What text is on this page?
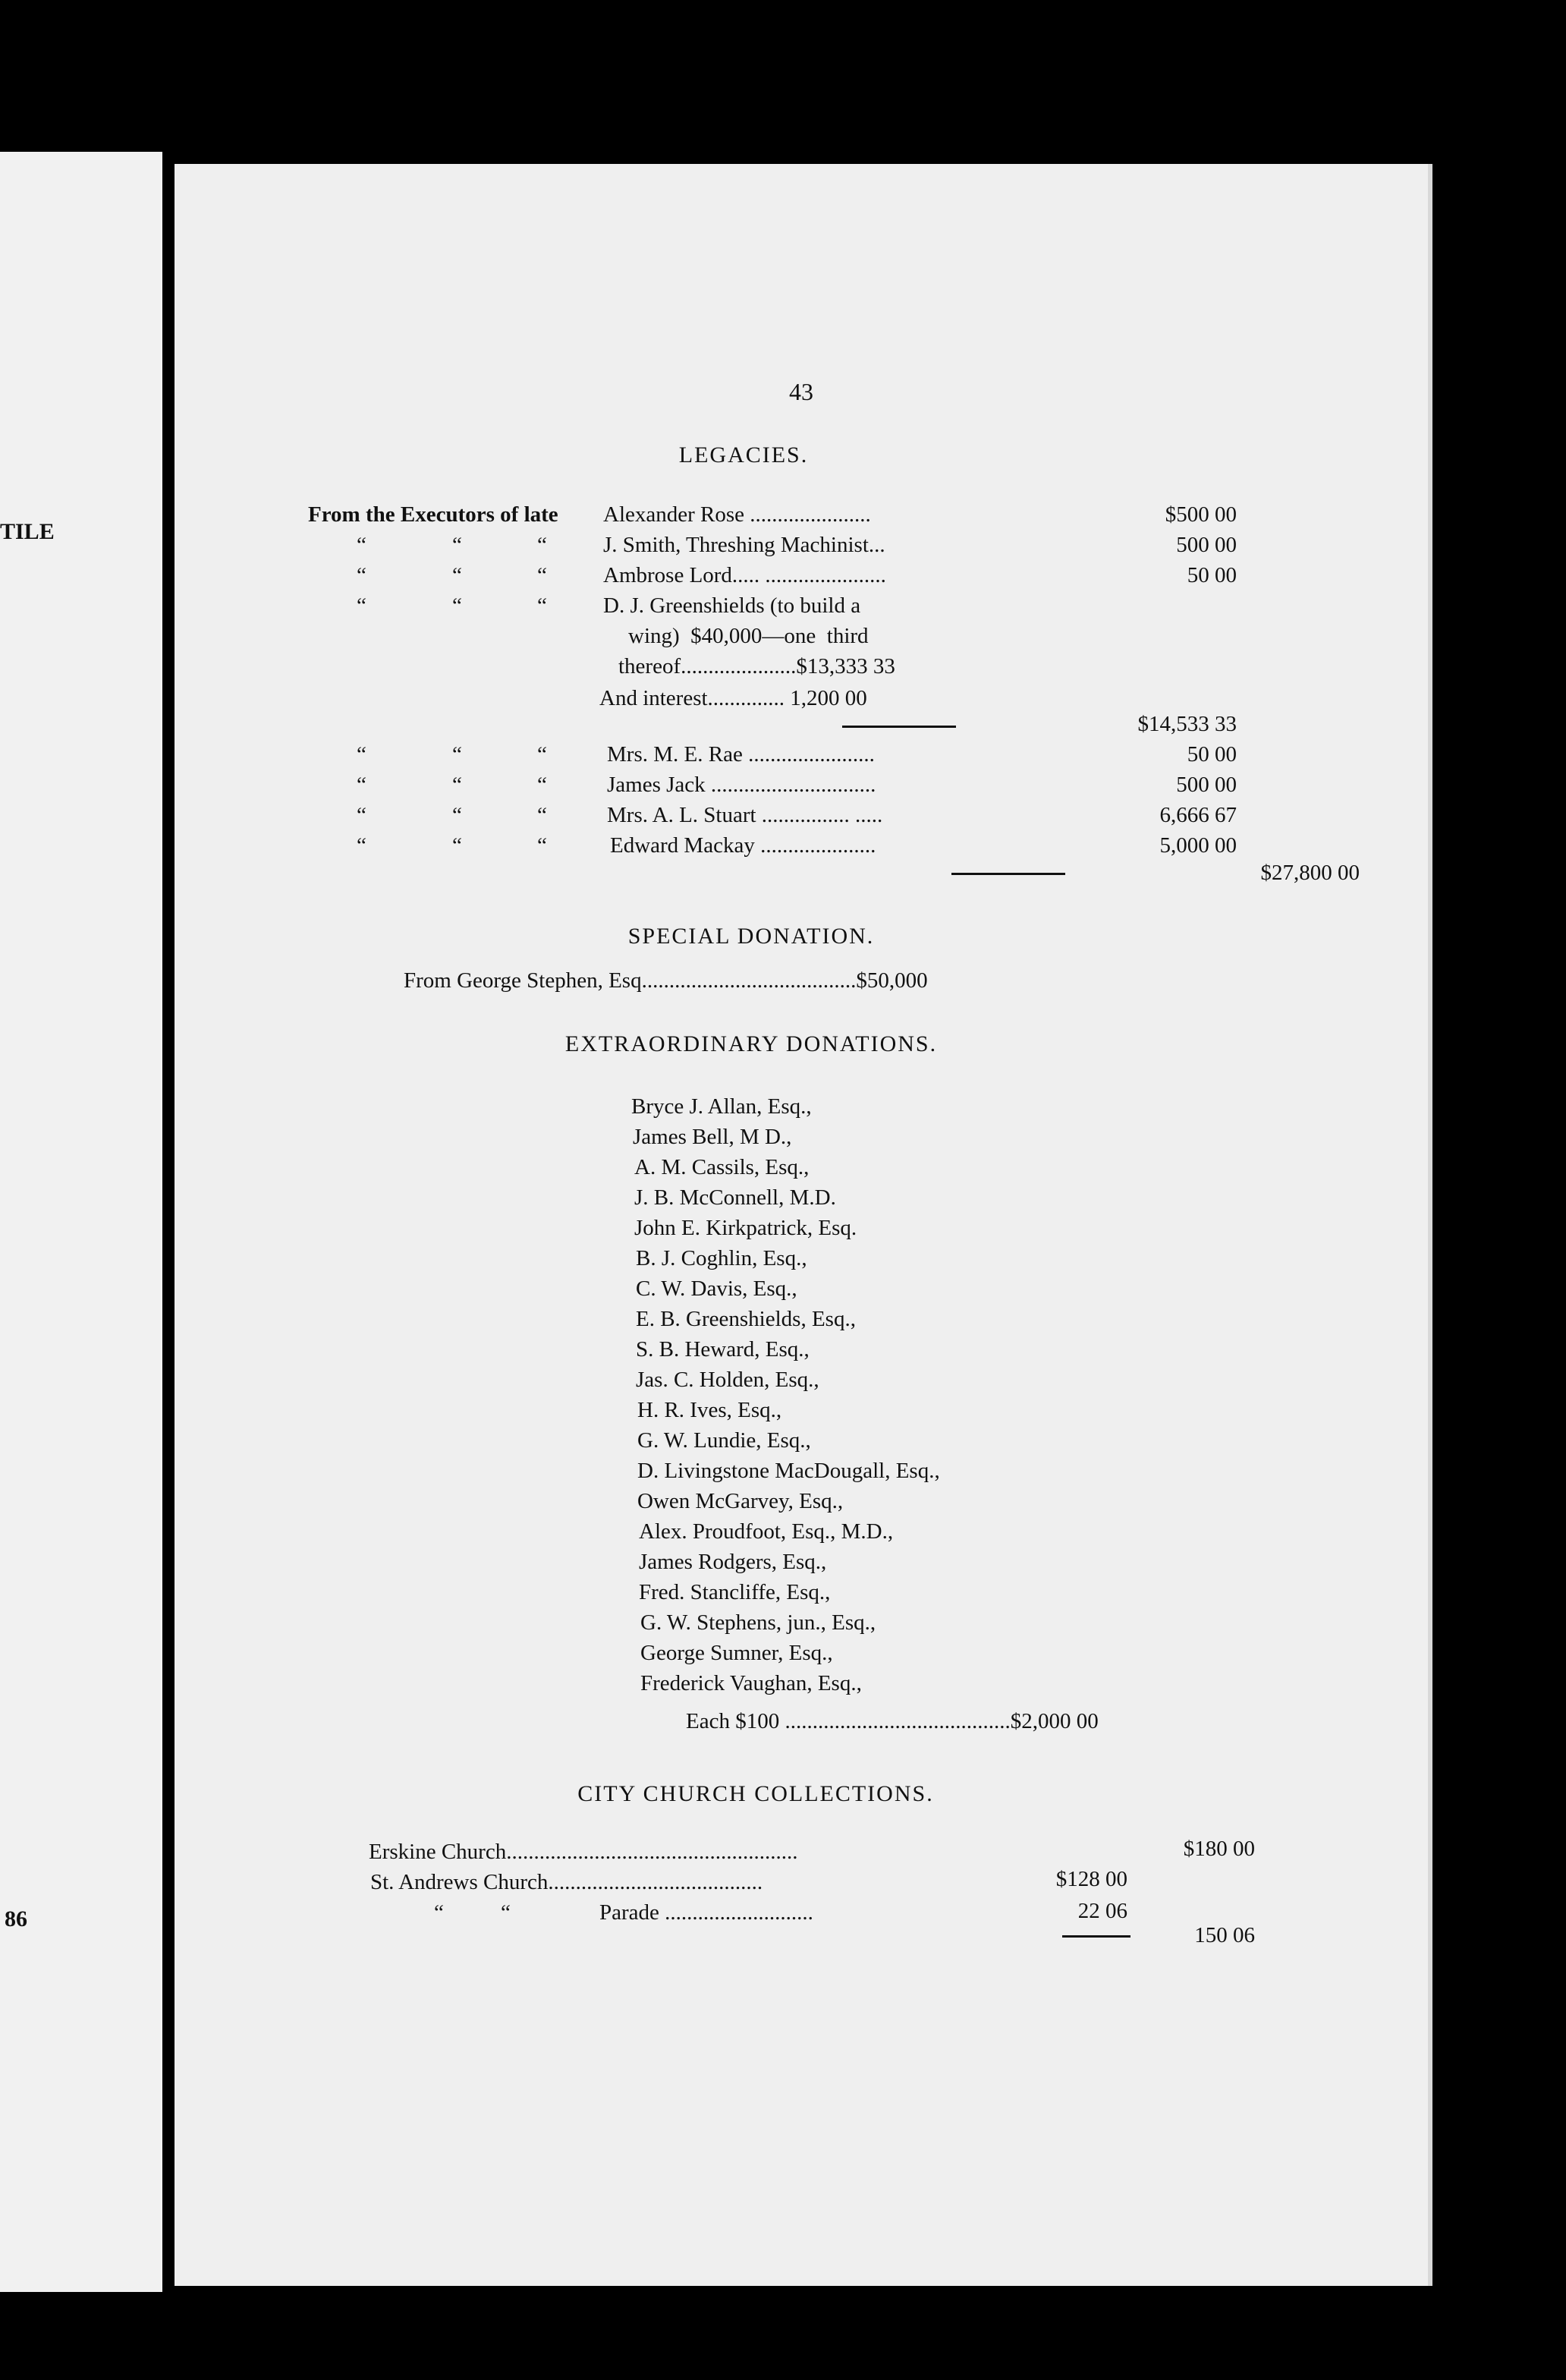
TILE
86
43
LEGACIES.
From the Executors of late Alexander Rose ......................	$500 00
“	“	“	J. Smith, Threshing Machinist...	500 00
“	“	“	Ambrose Lord..... ......................	50 00
“	“	“	D. J. Greenshields (to build a
wing)  $40,000—one  third
thereof.....................$13,333 33
And interest.............. 1,200 00
$14,533 33
“	“	“	Mrs. M. E. Rae .......................	50 00
“	“	“	James Jack ..............................	500 00
“	“	“	Mrs. A. L. Stuart ................ .....	6,666 67
“	“	“	Edward Mackay .....................	5,000 00
$27,800 00
SPECIAL DONATION.
From George Stephen, Esq.......................................$50,000
EXTRAORDINARY DONATIONS.
Bryce J. Allan, Esq.,
James Bell, M D.,
A. M. Cassils, Esq.,
J. B. McConnell, M.D.
John E. Kirkpatrick, Esq.
B. J. Coghlin, Esq.,
C. W. Davis, Esq.,
E. B. Greenshields, Esq.,
S. B. Heward, Esq.,
Jas. C. Holden, Esq.,
H. R. Ives, Esq.,
G. W. Lundie, Esq.,
D. Livingstone MacDougall, Esq.,
Owen McGarvey, Esq.,
Alex. Proudfoot, Esq., M.D.,
James Rodgers, Esq.,
Fred. Stancliffe, Esq.,
G. W. Stephens, jun., Esq.,
George Sumner, Esq.,
Frederick Vaughan, Esq.,
Each $100 .........................................$2,000 00
CITY CHURCH COLLECTIONS.
Erskine Church.....................................................	$180 00
St. Andrews Church.......................................	$128 00
“	“	Parade ...........................	22 06
150 06
